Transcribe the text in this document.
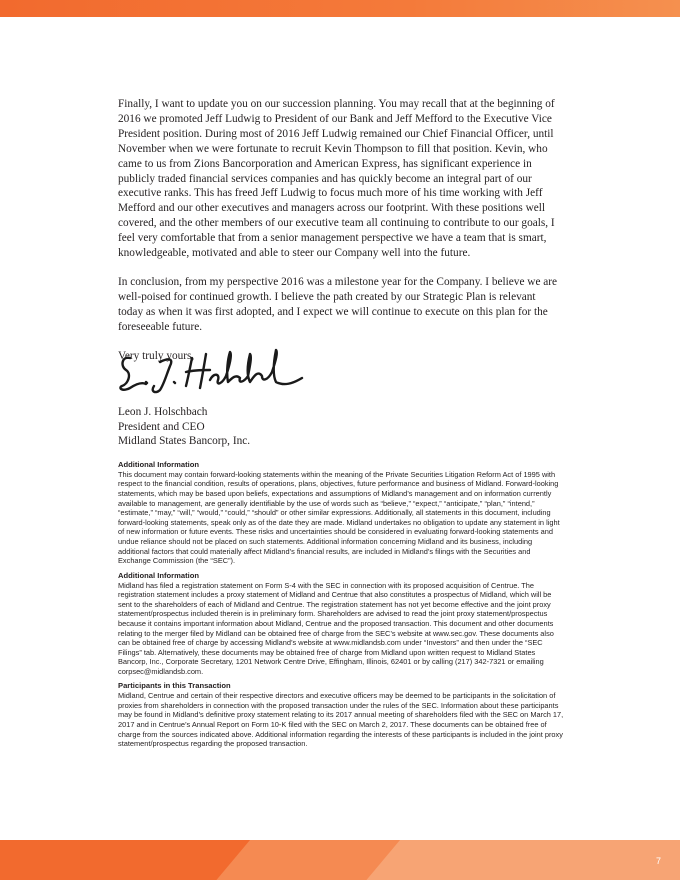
Finally, I want to update you on our succession planning. You may recall that at the beginning of 2016 we promoted Jeff Ludwig to President of our Bank and Jeff Mefford to the Executive Vice President position. During most of 2016 Jeff Ludwig remained our Chief Financial Officer, until November when we were fortunate to recruit Kevin Thompson to fill that position. Kevin, who came to us from Zions Bancorporation and American Express, has significant experience in publicly traded financial services companies and has quickly become an integral part of our executive ranks. This has freed Jeff Ludwig to focus much more of his time working with Jeff Mefford and our other executives and managers across our footprint. With these positions well covered, and the other members of our executive team all continuing to contribute to our goals, I feel very comfortable that from a senior management perspective we have a team that is smart, knowledgeable, motivated and able to steer our Company well into the future.

In conclusion, from my perspective 2016 was a milestone year for the Company. I believe we are well-poised for continued growth. I believe the path created by our Strategic Plan is relevant today as when it was first adopted, and I expect we will continue to execute on this plan for the foreseeable future.

Very truly yours,

Leon J. Holschbach
President and CEO
Midland States Bancorp, Inc.
Additional Information

This document may contain forward-looking statements within the meaning of the Private Securities Litigation Reform Act of 1995 with respect to the financial condition, results of operations, plans, objectives, future performance and business of Midland. Forward-looking statements, which may be based upon beliefs, expectations and assumptions of Midland’s management and on information currently available to management, are generally identifiable by the use of words such as “believe,” “expect,” “anticipate,” “plan,” “intend,” “estimate,” “may,” “will,” “would,” “could,” “should” or other similar expressions. Additionally, all statements in this document, including forward-looking statements, speak only as of the date they are made. Midland undertakes no obligation to update any statement in light of new information or future events. These risks and uncertainties should be considered in evaluating forward-looking statements and undue reliance should not be placed on such statements. Additional information concerning Midland and its business, including additional factors that could materially affect Midland’s financial results, are included in Midland’s filings with the Securities and Exchange Commission (the “SEC”).

Additional Information

Midland has filed a registration statement on Form S-4 with the SEC in connection with its proposed acquisition of Centrue. The registration statement includes a proxy statement of Midland and Centrue that also constitutes a prospectus of Midland, which will be sent to the shareholders of each of Midland and Centrue. The registration statement has not yet become effective and the joint proxy statement/prospectus included therein is in preliminary form. Shareholders are advised to read the joint proxy statement/prospectus because it contains important information about Midland, Centrue and the proposed transaction. This document and other documents relating to the merger filed by Midland can be obtained free of charge from the SEC’s website at www.sec.gov. These documents also can be obtained free of charge by accessing Midland’s website at www.midlandsb.com under “Investors” and then under the “SEC Filings” tab. Alternatively, these documents may be obtained free of charge from Midland upon written request to Midland States Bancorp, Inc., Corporate Secretary, 1201 Network Centre Drive, Effingham, Illinois, 62401 or by calling (217) 342-7321 or emailing corpsec@midlandsb.com.

Participants in this Transaction

Midland, Centrue and certain of their respective directors and executive officers may be deemed to be participants in the solicitation of proxies from shareholders in connection with the proposed transaction under the rules of the SEC. Information about these participants may be found in Midland’s definitive proxy statement relating to its 2017 annual meeting of shareholders filed with the SEC on March 17, 2017 and in Centrue’s Annual Report on Form 10-K filed with the SEC on March 2, 2017. These documents can be obtained free of charge from the sources indicated above. Additional information regarding the interests of these participants is included in the joint proxy statement/prospectus regarding the proposed transaction.

7
